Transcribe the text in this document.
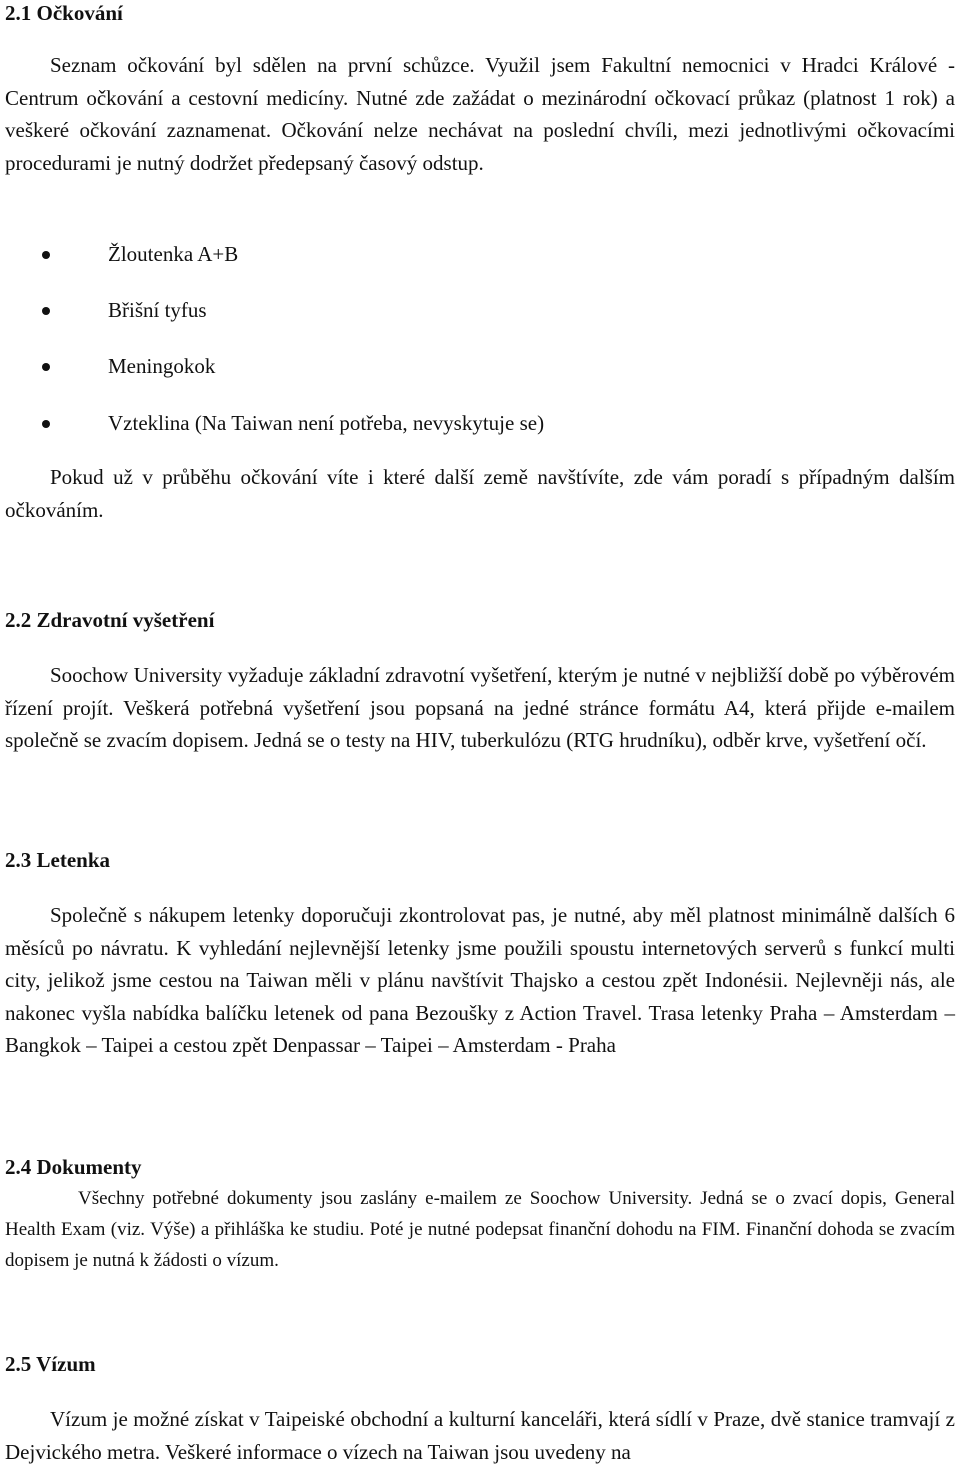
2.1 Očkování

Seznam očkování byl sdělen na první schůzce. Využil jsem Fakultní nemocnici v Hradci Králové - Centrum očkování a cestovní medicíny. Nutné zde zažádat o mezinárodní očkovací průkaz (platnost 1 rok) a veškeré očkování zaznamenat. Očkování nelze nechávat na poslední chvíli, mezi jednotlivými očkovacími procedurami je nutný dodržet předepsaný časový odstup.

Žloutenka A+B
Břišní tyfus
Meningokok
Vzteklina (Na Taiwan není potřeba, nevyskytuje se)

Pokud už v průběhu očkování víte i které další země navštívíte, zde vám poradí s případným dalším očkováním.

2.2 Zdravotní vyšetření

Soochow University vyžaduje základní zdravotní vyšetření, kterým je nutné v nejbližší době po výběrovém řízení projít. Veškerá potřebná vyšetření jsou popsaná na jedné stránce formátu A4, která přijde e-mailem společně se zvacím dopisem. Jedná se o testy na HIV, tuberkulózu (RTG hrudníku), odběr krve, vyšetření očí.

2.3 Letenka

Společně s nákupem letenky doporučuji zkontrolovat pas, je nutné, aby měl platnost minimálně dalších 6 měsíců po návratu. K vyhledání nejlevnější letenky jsme použili spoustu internetových serverů s funkcí multi city, jelikož jsme cestou na Taiwan měli v plánu navštívit Thajsko a cestou zpět Indonésii. Nejlevněji nás, ale nakonec vyšla nabídka balíčku letenek od pana Bezoušky z Action Travel. Trasa letenky Praha – Amsterdam – Bangkok – Taipei a cestou zpět Denpassar – Taipei – Amsterdam - Praha

2.4 Dokumenty

Všechny potřebné dokumenty jsou zaslány e-mailem ze Soochow University. Jedná se o zvací dopis, General Health Exam (viz. Výše) a přihláška ke studiu. Poté je nutné podepsat finanční dohodu na FIM. Finanční dohoda se zvacím dopisem je nutná k žádosti o vízum.

2.5 Vízum

Vízum je možné získat v Taipeiské obchodní a kulturní kanceláři, která sídlí v Praze, dvě stanice tramvají z Dejvického metra. Veškeré informace o vízech na Taiwan jsou uvedeny na
